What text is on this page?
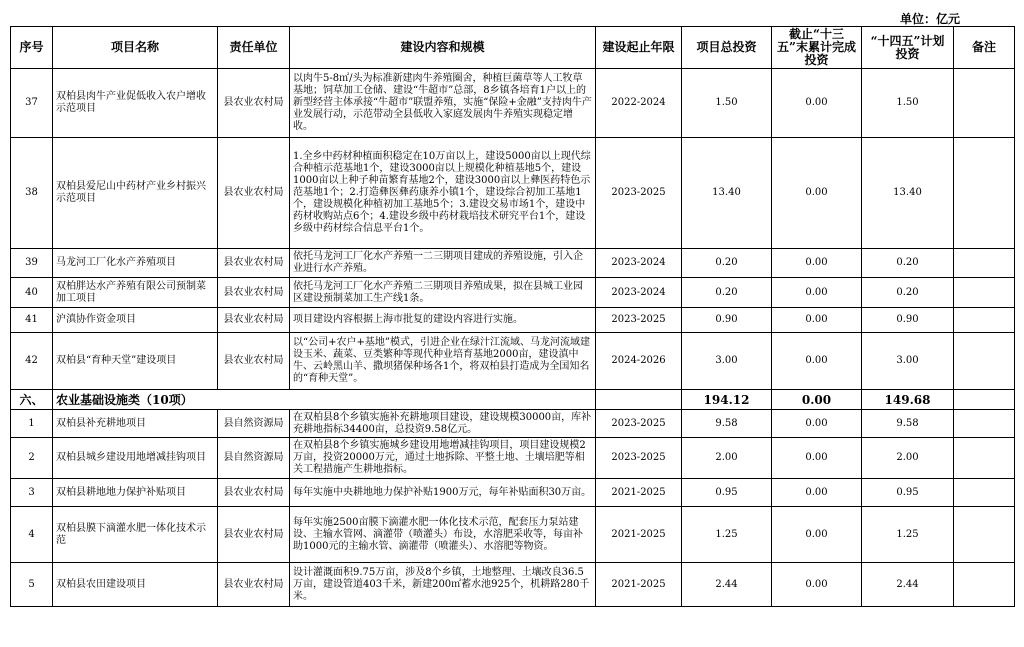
单位：亿元
序号	项目名称	责任单位	建设内容和规模	建设起止年限	项目总投资	截止“十三五”末累计完成投资	“十四五”计划投资	备注
37	双柏县肉牛产业促低收入农户增收示范项目	县农业农村局	以肉牛5-8㎡/头为标准新建肉牛养殖圈舍，种植巨菌草等人工牧草基地；饲草加工仓储、建设“牛超市”总部，8乡镇各培育1户以上的新型经营主体承接“牛超市”联盟养殖，实施“保险+金融”支持肉牛产业发展行动，示范带动全县低收入家庭发展肉牛养殖实现稳定增收。	2022-2024	1.50	0.00	1.50	
38	双柏县爱尼山中药材产业乡村振兴示范项目	县农业农村局	1.全乡中药材种植面积稳定在10万亩以上，建设5000亩以上现代综合种植示范基地1个，建设3000亩以上规模化种植基地5个，建设1000亩以上种子种苗繁育基地2个，建设3000亩以上彝医药特色示范基地1个；2.打造彝医彝药康养小镇1个，建设综合初加工基地1个，建设规模化种植初加工基地5个；3.建设交易市场1个，建设中药材收购站点6个；4.建设乡级中药材栽培技术研究平台1个，建设乡级中药材综合信息平台1个。	2023-2025	13.40	0.00	13.40	
39	马龙河工厂化水产养殖项目	县农业农村局	依托马龙河工厂化水产养殖一二三期项目建成的养殖设施，引入企业进行水产养殖。	2023-2024	0.20	0.00	0.20	
40	双柏胖达水产养殖有限公司预制菜加工项目	县农业农村局	依托马龙河工厂化水产养殖二三期项目养殖成果，拟在县城工业园区建设预制菜加工生产线1条。	2023-2024	0.20	0.00	0.20	
41	沪滇协作资金项目	县农业农村局	项目建设内容根据上海市批复的建设内容进行实施。	2023-2025	0.90	0.00	0.90	
42	双柏县“育种天堂”建设项目	县农业农村局	以“公司+农户+基地”模式，引进企业在绿汁江流域、马龙河流域建设玉米、蔬菜、豆类繁种等现代种业培育基地2000亩，建设滇中牛、云岭黑山羊、撒坝猪保种场各1个，将双柏县打造成为全国知名的“育种天堂”。	2024-2026	3.00	0.00	3.00	
六、	农业基础设施类（10项）				194.12	0.00	149.68	
1	双柏县补充耕地项目	县自然资源局	在双柏县8个乡镇实施补充耕地项目建设，建设规模30000亩，库补充耕地指标34400亩，总投资9.58亿元。	2023-2025	9.58	0.00	9.58	
2	双柏县城乡建设用地增减挂钩项目	县自然资源局	在双柏县8个乡镇实施城乡建设用地增减挂钩项目，项目建设规模2万亩，投资20000万元，通过土地拆除、平整土地、土壤培肥等相关工程措施产生耕地指标。	2023-2025	2.00	0.00	2.00	
3	双柏县耕地地力保护补贴项目	县农业农村局	每年实施中央耕地地力保护补贴1900万元，每年补贴面积30万亩。	2021-2025	0.95	0.00	0.95	
4	双柏县膜下滴灌水肥一体化技术示范	县农业农村局	每年实施2500亩膜下滴灌水肥一体化技术示范，配套压力泵站建设、主输水管网、滴灌带（喷灌头）布设，水溶肥采收等，每亩补助1000元的主输水管、滴灌带（喷灌头）、水溶肥等物资。	2021-2025	1.25	0.00	1.25	
5	双柏县农田建设项目	县农业农村局	设计灌溉面积9.75万亩，涉及8个乡镇，土地整理、土壤改良36.5万亩，建设管道403千米，新建200㎡蓄水池925个，机耕路280千米。	2021-2025	2.44	0.00	2.44	
